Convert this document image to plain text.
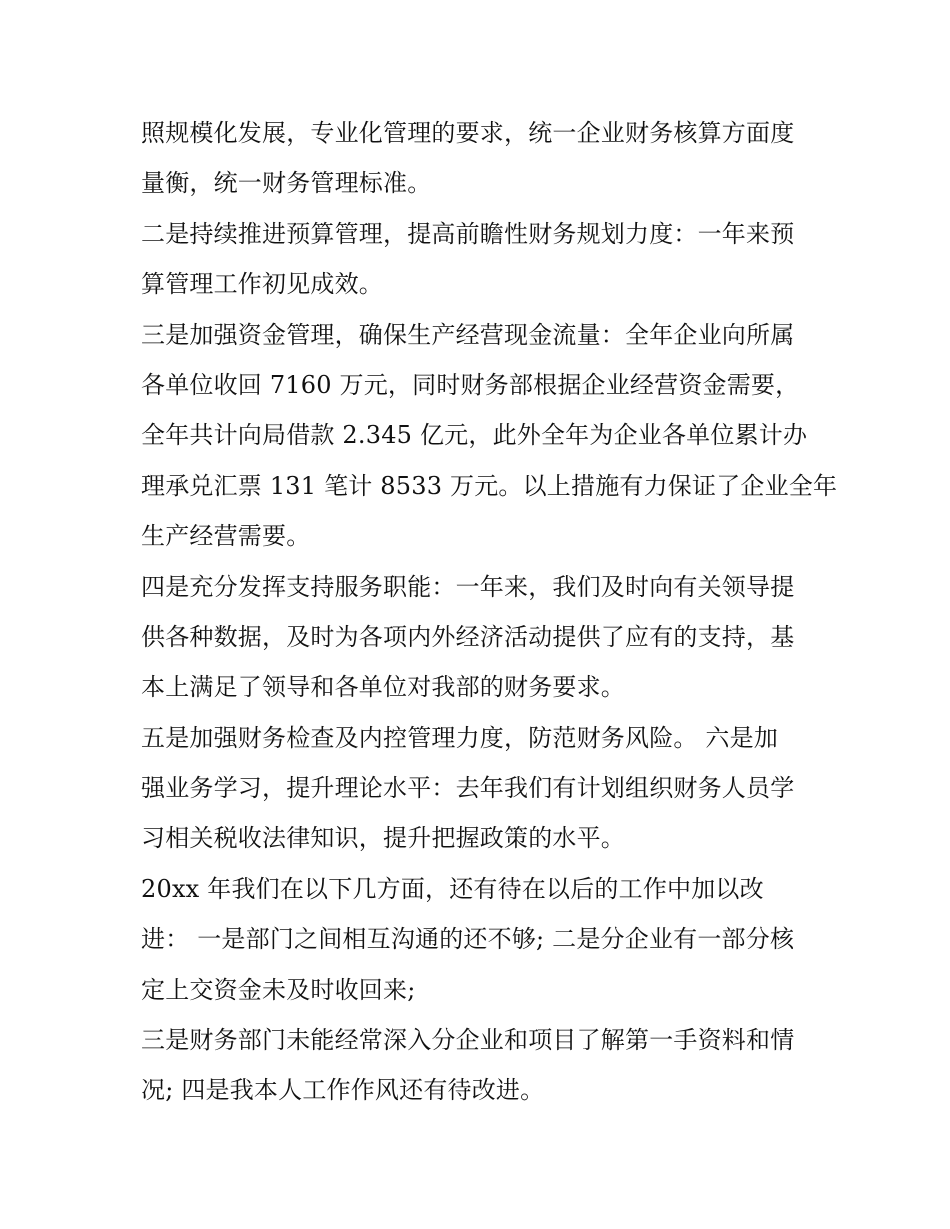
照规模化发展，专业化管理的要求，统一企业财务核算方面度
量衡，统一财务管理标准。
二是持续推进预算管理，提高前瞻性财务规划力度：一年来预
算管理工作初见成效。
三是加强资金管理，确保生产经营现金流量：全年企业向所属
各单位收回 7160 万元，同时财务部根据企业经营资金需要，
全年共计向局借款 2.345 亿元，此外全年为企业各单位累计办
理承兑汇票 131 笔计 8533 万元。以上措施有力保证了企业全年
生产经营需要。
四是充分发挥支持服务职能：一年来，我们及时向有关领导提
供各种数据，及时为各项内外经济活动提供了应有的支持，基
本上满足了领导和各单位对我部的财务要求。
五是加强财务检查及内控管理力度，防范财务风险。 六是加
强业务学习，提升理论水平：去年我们有计划组织财务人员学
习相关税收法律知识，提升把握政策的水平。
20xx 年我们在以下几方面，还有待在以后的工作中加以改
进： 一是部门之间相互沟通的还不够; 二是分企业有一部分核
定上交资金未及时收回来;
三是财务部门未能经常深入分企业和项目了解第一手资料和情
况; 四是我本人工作作风还有待改进。
